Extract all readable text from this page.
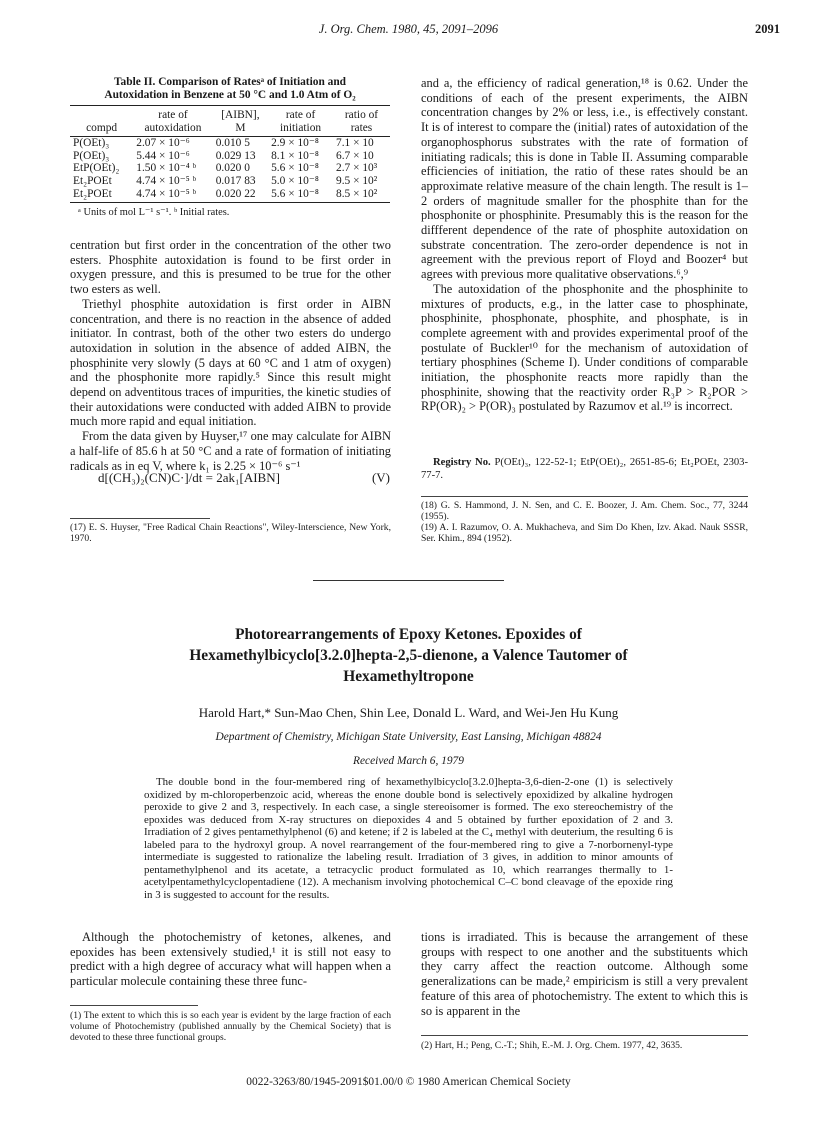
J. Org. Chem. 1980, 45, 2091–2096	2091
Table II. Comparison of Ratesᵃ of Initiation and
Autoxidation in Benzene at 50 °C and 1.0 Atm of O₂
	rate of	[AIBN],	rate of	ratio of
compd	autoxidation	M	initiation	rates
P(OEt)₃	2.07 × 10⁻⁶	0.010 5	2.9 × 10⁻⁸	7.1 × 10
P(OEt)₃	5.44 × 10⁻⁶	0.029 13	8.1 × 10⁻⁸	6.7 × 10
EtP(OEt)₂	1.50 × 10⁻⁴ ᵇ	0.020 0	5.6 × 10⁻⁸	2.7 × 10³
Et₂POEt	4.74 × 10⁻⁵ ᵇ	0.017 83	5.0 × 10⁻⁸	9.5 × 10²
Et₂POEt	4.74 × 10⁻⁵ ᵇ	0.020 22	5.6 × 10⁻⁸	8.5 × 10²
ᵃ Units of mol L⁻¹ s⁻¹. ᵇ Initial rates.

centration but first order in the concentration of the other two esters. Phosphite autoxidation is found to be first order in oxygen pressure, and this is presumed to be true for the other two esters as well.

Triethyl phosphite autoxidation is first order in AIBN concentration, and there is no reaction in the absence of added initiator. In contrast, both of the other two esters do undergo autoxidation in solution in the absence of added AIBN, the phosphinite very slowly (5 days at 60 °C and 1 atm of oxygen) and the phosphonite more rapidly.⁵ Since this result might depend on adventitous traces of impurities, the kinetic studies of their autoxidations were conducted with added AIBN to provide much more rapid and equal initiation.

From the data given by Huyser,¹⁷ one may calculate for AIBN a half-life of 85.6 h at 50 °C and a rate of formation of initiating radicals as in eq V, where k₁ is 2.25 × 10⁻⁶ s⁻¹

d[(CH₃)₂(CN)C·]/dt = 2ak₁[AIBN]	(V)
(17) E. S. Huyser, "Free Radical Chain Reactions", Wiley-Interscience, New York, 1970.

and a, the efficiency of radical generation,¹⁸ is 0.62. Under the conditions of each of the present experiments, the AIBN concentration changes by 2% or less, i.e., is effectively constant. It is of interest to compare the (initial) rates of autoxidation of the organophosphorus substrates with the rate of formation of initiating radicals; this is done in Table II. Assuming comparable efficiencies of initiation, the ratio of these rates should be an approximate relative measure of the chain length. The result is 1–2 orders of magnitude smaller for the phosphite than for the phosphonite or phosphinite. Presumably this is the reason for the diffferent dependence of the rate of phosphite autoxidation on substrate concentration. The zero-order dependence is not in agreement with the previous report of Floyd and Boozer⁴ but agrees with previous more qualitative observations.⁶,⁹

The autoxidation of the phosphonite and the phosphinite to mixtures of products, e.g., in the latter case to phosphinate, phosphinite, phosphonate, phosphite, and phosphate, is in complete agreement with and provides experimental proof of the postulate of Buckler¹⁰ for the mechanism of autoxidation of tertiary phosphines (Scheme I). Under conditions of comparable initiation, the phosphonite reacts more rapidly than the phosphinite, showing that the reactivity order R₃P > R₂POR > RP(OR)₂ > P(OR)₃ postulated by Razumov et al.¹⁹ is incorrect.

Registry No. P(OEt)₃, 122-52-1; EtP(OEt)₂, 2651-85-6; Et₂POEt, 2303-77-7.

(18) G. S. Hammond, J. N. Sen, and C. E. Boozer, J. Am. Chem. Soc., 77, 3244 (1955).

(19) A. I. Razumov, O. A. Mukhacheva, and Sim Do Khen, Izv. Akad. Nauk SSSR, Ser. Khim., 894 (1952).

Photorearrangements of Epoxy Ketones. Epoxides of
Hexamethylbicyclo[3.2.0]hepta-2,5-dienone, a Valence Tautomer of
Hexamethyltropone
Harold Hart,* Sun-Mao Chen, Shin Lee, Donald L. Ward, and Wei-Jen Hu Kung
Department of Chemistry, Michigan State University, East Lansing, Michigan 48824
Received March 6, 1979
The double bond in the four-membered ring of hexamethylbicyclo[3.2.0]hepta-3,6-dien-2-one (1) is selectively oxidized by m-chloroperbenzoic acid, whereas the enone double bond is selectively epoxidized by alkaline hydrogen peroxide to give 2 and 3, respectively. In each case, a single stereoisomer is formed. The exo stereochemistry of the epoxides was deduced from X-ray structures on diepoxides 4 and 5 obtained by further epoxidation of 2 and 3. Irradiation of 2 gives pentamethylphenol (6) and ketene; if 2 is labeled at the C₄ methyl with deuterium, the resulting 6 is labeled para to the hydroxyl group. A novel rearrangement of the four-membered ring to give a 7-norbornenyl-type intermediate is suggested to rationalize the labeling result. Irradiation of 3 gives, in addition to minor amounts of pentamethylphenol and its acetate, a tetracyclic product formulated as 10, which rearranges thermally to 1-acetylpentamethylcyclopentadiene (12). A mechanism involving photochemical C–C bond cleavage of the epoxide ring in 3 is suggested to account for the results.

Although the photochemistry of ketones, alkenes, and epoxides has been extensively studied,¹ it is still not easy to predict with a high degree of accuracy what will happen when a particular molecule containing these three func-

(1) The extent to which this is so each year is evident by the large fraction of each volume of Photochemistry (published annually by the Chemical Society) that is devoted to these three functional groups.

tions is irradiated. This is because the arrangement of these groups with respect to one another and the substituents which they carry affect the reaction outcome. Although some generalizations can be made,² empiricism is still a very prevalent feature of this area of photochemistry. The extent to which this is so is apparent in the

(2) Hart, H.; Peng, C.-T.; Shih, E.-M. J. Org. Chem. 1977, 42, 3635.
0022-3263/80/1945-2091$01.00/0 © 1980 American Chemical Society
